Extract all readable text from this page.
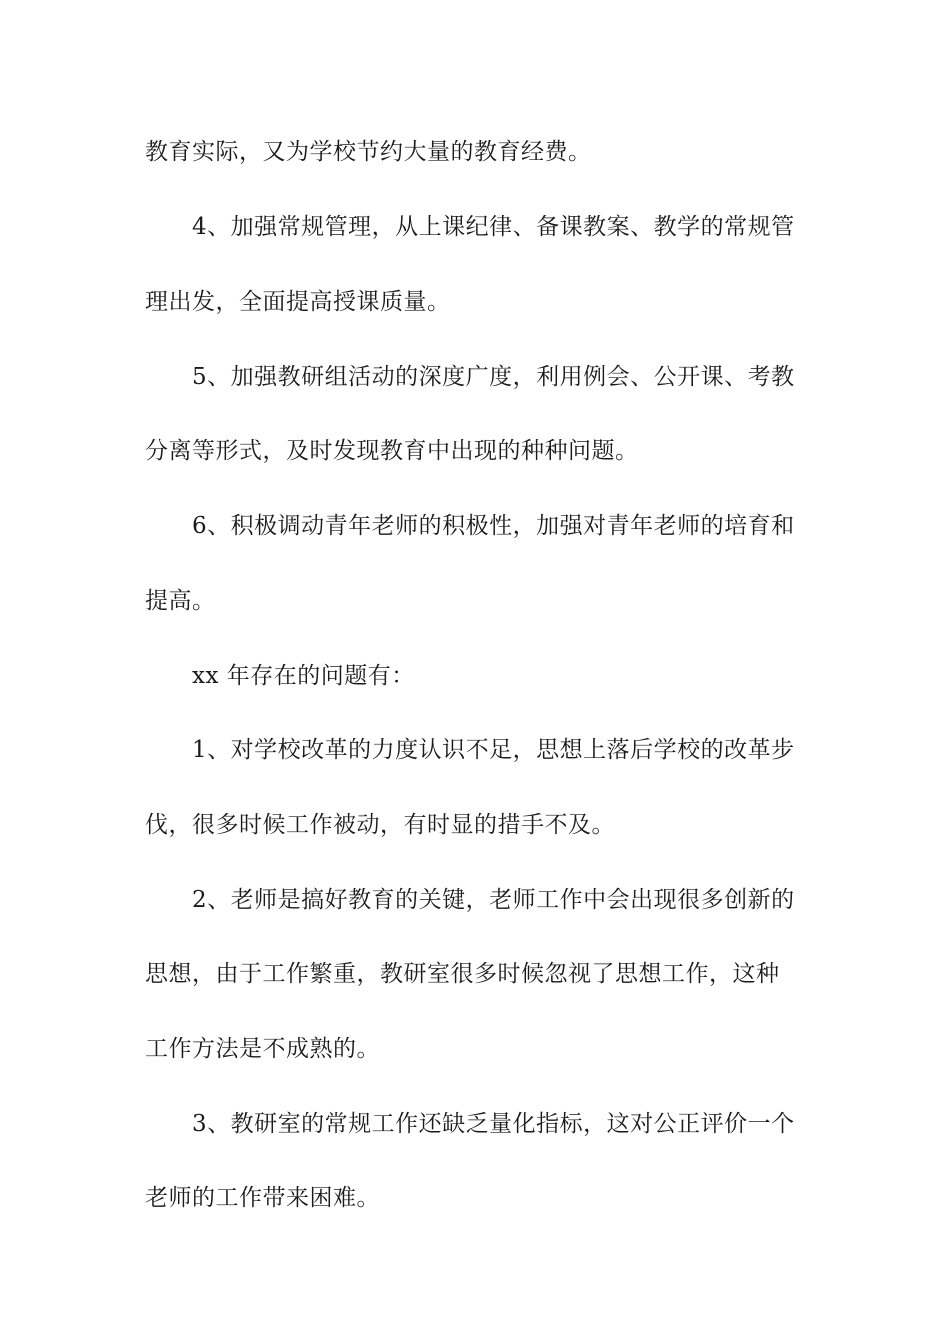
教育实际，又为学校节约大量的教育经费。
4、加强常规管理，从上课纪律、备课教案、教学的常规管
理出发，全面提高授课质量。
5、加强教研组活动的深度广度，利用例会、公开课、考教
分离等形式，及时发现教育中出现的种种问题。
6、积极调动青年老师的积极性，加强对青年老师的培育和
提高。
xx 年存在的问题有：
1、对学校改革的力度认识不足，思想上落后学校的改革步
伐，很多时候工作被动，有时显的措手不及。
2、老师是搞好教育的关键，老师工作中会出现很多创新的
思想，由于工作繁重，教研室很多时候忽视了思想工作，这种
工作方法是不成熟的。
3、教研室的常规工作还缺乏量化指标，这对公正评价一个
老师的工作带来困难。
